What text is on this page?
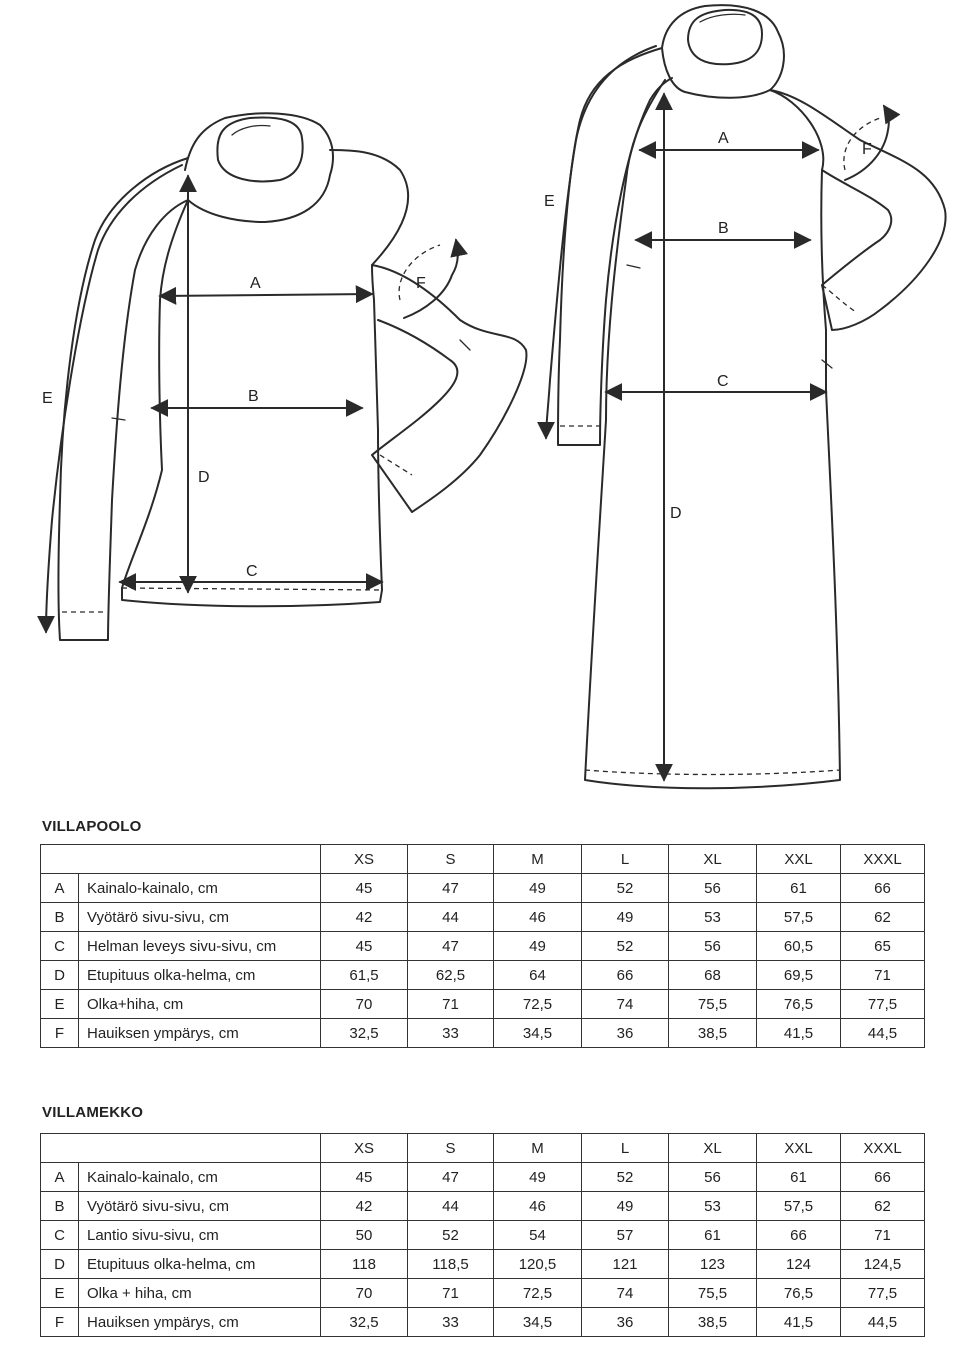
A
B
C
D
E
F
A
B
C
D
E
F
VILLAPOOLO
		XS	S	M	L	XL	XXL	XXXL
A	Kainalo-kainalo, cm	45	47	49	52	56	61	66
B	Vyötärö sivu-sivu, cm	42	44	46	49	53	57,5	62
C	Helman leveys sivu-sivu, cm	45	47	49	52	56	60,5	65
D	Etupituus olka-helma, cm	61,5	62,5	64	66	68	69,5	71
E	Olka+hiha, cm	70	71	72,5	74	75,5	76,5	77,5
F	Hauiksen ympärys, cm	32,5	33	34,5	36	38,5	41,5	44,5
VILLAMEKKO
		XS	S	M	L	XL	XXL	XXXL
A	Kainalo-kainalo, cm	45	47	49	52	56	61	66
B	Vyötärö sivu-sivu, cm	42	44	46	49	53	57,5	62
C	Lantio sivu-sivu, cm	50	52	54	57	61	66	71
D	Etupituus olka-helma, cm	118	118,5	120,5	121	123	124	124,5
E	Olka + hiha, cm	70	71	72,5	74	75,5	76,5	77,5
F	Hauiksen ympärys, cm	32,5	33	34,5	36	38,5	41,5	44,5
